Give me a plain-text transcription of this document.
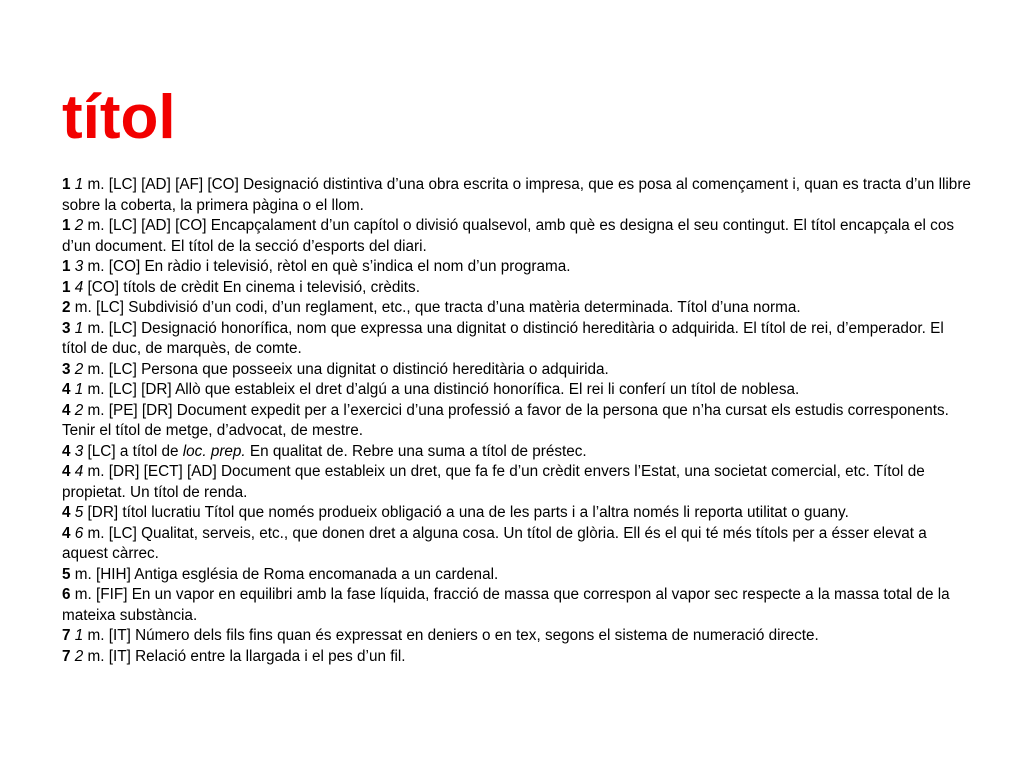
títol

1 1 m. [LC] [AD] [AF] [CO] Designació distintiva d’una obra escrita o impresa, que es posa al començament i, quan es tracta d’un llibre sobre la coberta, la primera pàgina o el llom.

1 2 m. [LC] [AD] [CO] Encapçalament d’un capítol o divisió qualsevol, amb què es designa el seu contingut. El títol encapçala el cos d’un document. El títol de la secció d’esports del diari.

1 3 m. [CO] En ràdio i televisió, rètol en què s’indica el nom d’un programa.

1 4 [CO] títols de crèdit En cinema i televisió, crèdits.

2 m. [LC] Subdivisió d’un codi, d’un reglament, etc., que tracta d’una matèria determinada. Títol d’una norma.

3 1 m. [LC] Designació honorífica, nom que expressa una dignitat o distinció hereditària o adquirida. El títol de rei, d’emperador. El títol de duc, de marquès, de comte.

3 2 m. [LC] Persona que posseeix una dignitat o distinció hereditària o adquirida.

4 1 m. [LC] [DR] Allò que estableix el dret d’algú a una distinció honorífica. El rei li conferí un títol de noblesa.

4 2 m. [PE] [DR] Document expedit per a l’exercici d’una professió a favor de la persona que n’ha cursat els estudis corresponents. Tenir el títol de metge, d’advocat, de mestre.

4 3 [LC] a títol de loc. prep. En qualitat de. Rebre una suma a títol de préstec.

4 4 m. [DR] [ECT] [AD] Document que estableix un dret, que fa fe d’un crèdit envers l’Estat, una societat comercial, etc. Títol de propietat. Un títol de renda.

4 5 [DR] títol lucratiu Títol que només produeix obligació a una de les parts i a l’altra només li reporta utilitat o guany.

4 6 m. [LC] Qualitat, serveis, etc., que donen dret a alguna cosa. Un títol de glòria. Ell és el qui té més títols per a ésser elevat a aquest càrrec.

5 m. [HIH] Antiga església de Roma encomanada a un cardenal.

6 m. [FIF] En un vapor en equilibri amb la fase líquida, fracció de massa que correspon al vapor sec respecte a la massa total de la mateixa substància.

7 1 m. [IT] Número dels fils fins quan és expressat en deniers o en tex, segons el sistema de numeració directe.

7 2 m. [IT] Relació entre la llargada i el pes d’un fil.
